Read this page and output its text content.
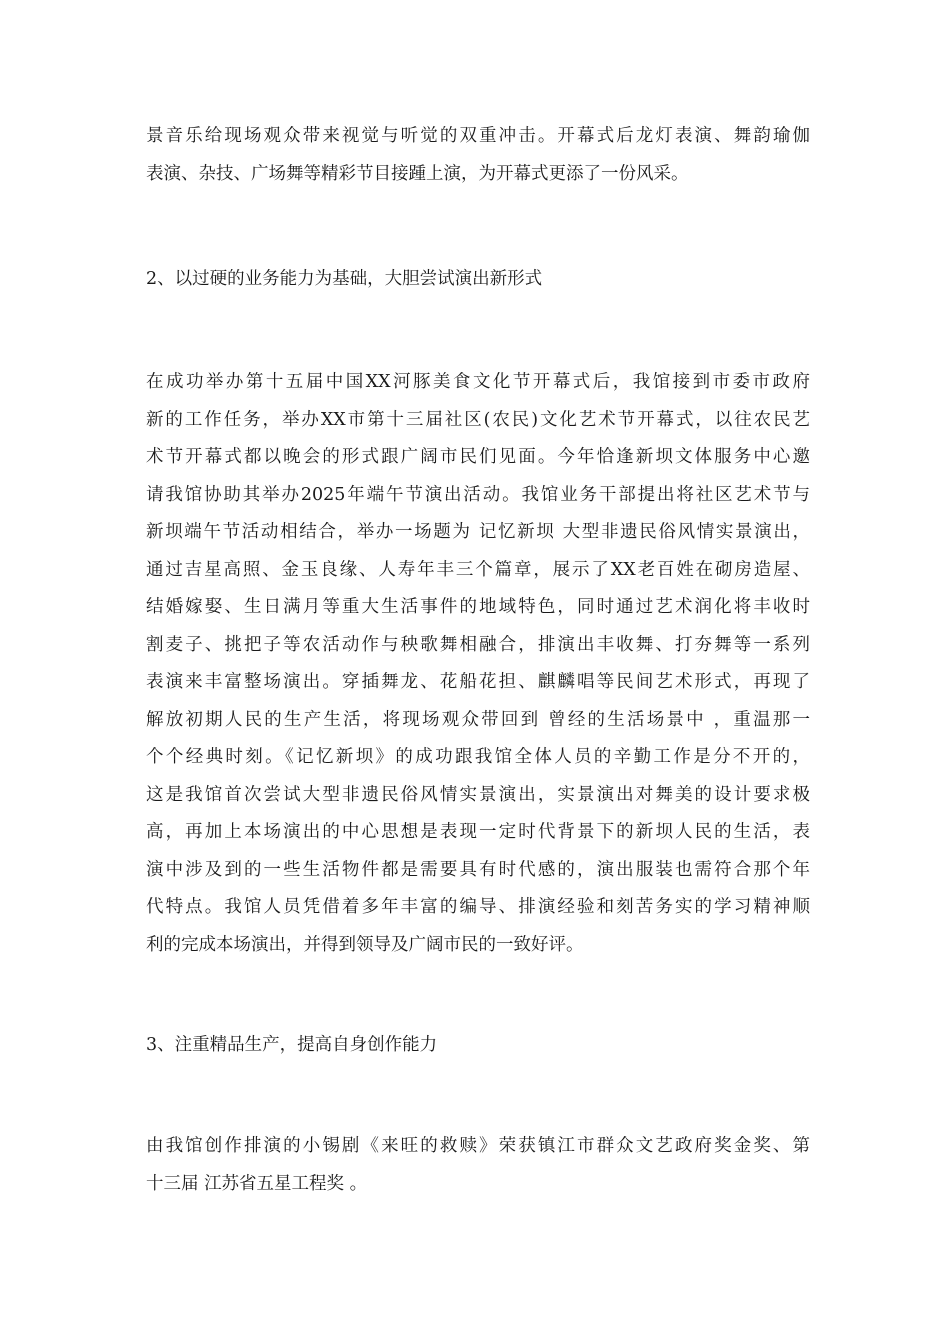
景音乐给现场观众带来视觉与听觉的双重冲击。开幕式后龙灯表演、舞韵瑜伽
表演、杂技、广场舞等精彩节目接踵上演，为开幕式更添了一份风采。
2、以过硬的业务能力为基础，大胆尝试演出新形式
在成功举办第十五届中国XX河豚美食文化节开幕式后，我馆接到市委市政府
新的工作任务，举办XX市第十三届社区(农民)文化艺术节开幕式，以往农民艺
术节开幕式都以晚会的形式跟广阔市民们见面。今年恰逢新坝文体服务中心邀
请我馆协助其举办2025年端午节演出活动。我馆业务干部提出将社区艺术节与
新坝端午节活动相结合，举办一场题为 记忆新坝 大型非遗民俗风情实景演出，
通过吉星高照、金玉良缘、人寿年丰三个篇章，展示了XX老百姓在砌房造屋、
结婚嫁娶、生日满月等重大生活事件的地域特色，同时通过艺术润化将丰收时
割麦子、挑把子等农活动作与秧歌舞相融合，排演出丰收舞、打夯舞等一系列
表演来丰富整场演出。穿插舞龙、花船花担、麒麟唱等民间艺术形式，再现了
解放初期人民的生产生活，将现场观众带回到 曾经的生活场景中 ，重温那一
个个经典时刻。《记忆新坝》的成功跟我馆全体人员的辛勤工作是分不开的，
这是我馆首次尝试大型非遗民俗风情实景演出，实景演出对舞美的设计要求极
高，再加上本场演出的中心思想是表现一定时代背景下的新坝人民的生活，表
演中涉及到的一些生活物件都是需要具有时代感的，演出服装也需符合那个年
代特点。我馆人员凭借着多年丰富的编导、排演经验和刻苦务实的学习精神顺
利的完成本场演出，并得到领导及广阔市民的一致好评。
3、注重精品生产，提高自身创作能力
由我馆创作排演的小锡剧《来旺的救赎》荣获镇江市群众文艺政府奖金奖、第
十三届 江苏省五星工程奖 。
